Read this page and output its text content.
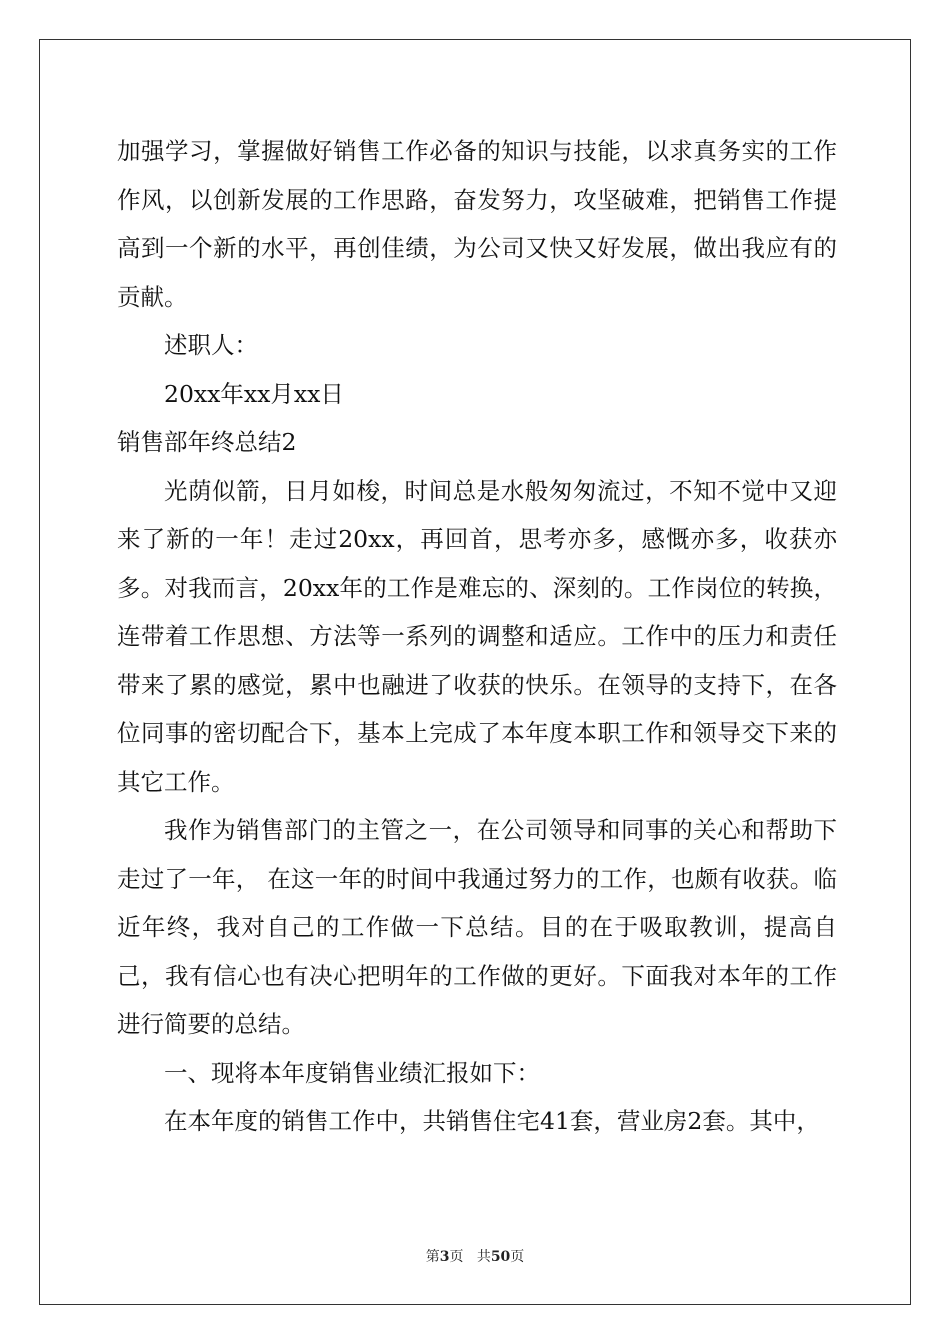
加强学习，掌握做好销售工作必备的知识与技能，以求真务实的工作作风，以创新发展的工作思路，奋发努力，攻坚破难，把销售工作提高到一个新的水平，再创佳绩，为公司又快又好发展，做出我应有的贡献。

述职人：

20xx年xx月xx日

销售部年终总结2

光荫似箭，日月如梭，时间总是水般匆匆流过，不知不觉中又迎来了新的一年！走过20xx，再回首，思考亦多，感慨亦多，收获亦多。对我而言，20xx年的工作是难忘的、深刻的。工作岗位的转换，连带着工作思想、方法等一系列的调整和适应。工作中的压力和责任带来了累的感觉，累中也融进了收获的快乐。在领导的支持下，在各位同事的密切配合下，基本上完成了本年度本职工作和领导交下来的其它工作。

我作为销售部门的主管之一，在公司领导和同事的关心和帮助下走过了一年， 在这一年的时间中我通过努力的工作，也颇有收获。临近年终，我对自己的工作做一下总结。目的在于吸取教训，提高自己，我有信心也有决心把明年的工作做的更好。下面我对本年的工作进行简要的总结。

一、现将本年度销售业绩汇报如下：

在本年度的销售工作中，共销售住宅41套，营业房2套。其中，

第3页 共50页
